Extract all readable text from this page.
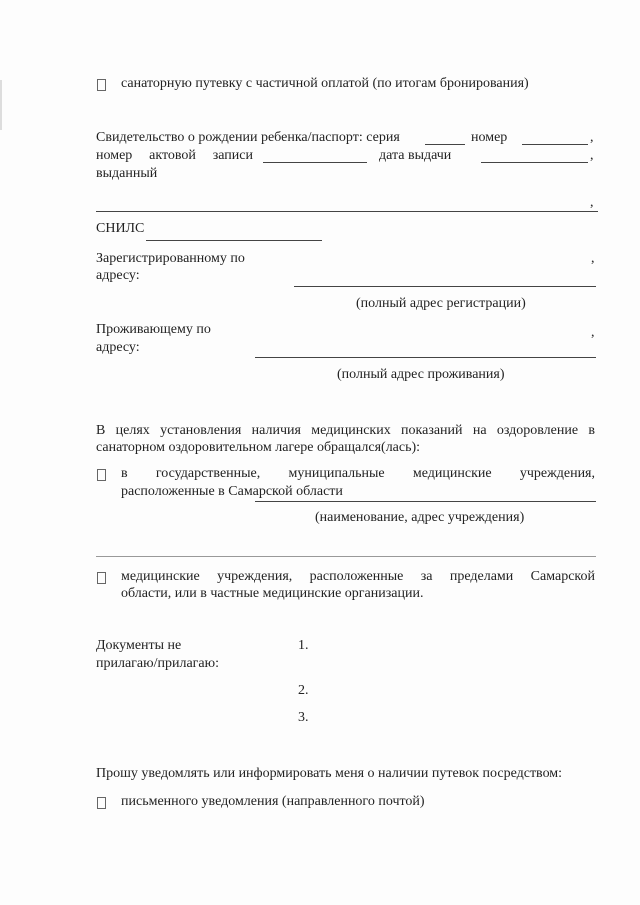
санаторную путевку с частичной оплатой (по итогам бронирования)
Свидетельство о рождении ребенка/паспорт: серия	номер	,
номер актовой записи	дата выдачи	,
выданный
,
СНИЛС
Зарегистрированному по
адресу:
,
(полный адрес регистрации)
Проживающему по
адресу:
,
(полный адрес проживания)
В целях установления наличия медицинских показаний на оздоровление в
санаторном оздоровительном лагере обращался(лась):
в государственные, муниципальные медицинские учреждения,
расположенные в Самарской области
(наименование, адрес учреждения)
медицинские учреждения, расположенные за пределами Самарской
области, или в частные медицинские организации.
Документы не
прилагаю/прилагаю:
1.
2.
3.
Прошу уведомлять или информировать меня о наличии путевок посредством:
письменного уведомления (направленного почтой)
